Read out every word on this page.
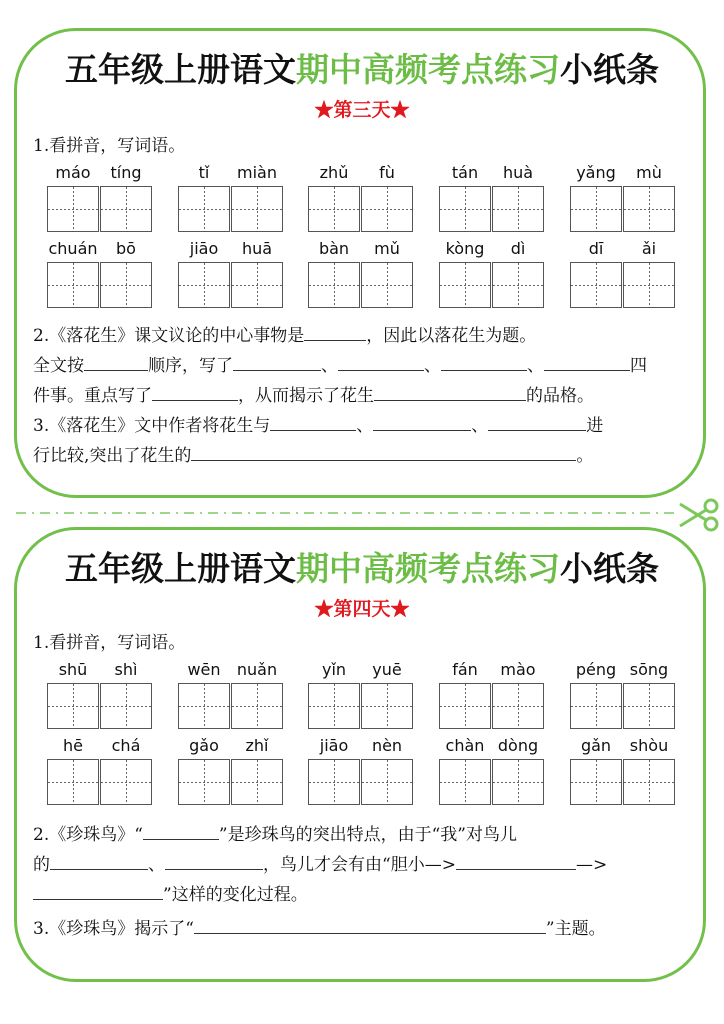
五年级上册语文期中高频考点练习小纸条
★第三天★
1.看拼音，写词语。
máo	tíng	tǐ	miàn	zhǔ	fù	tán	huà	yǎng	mù
chuán	bō	jiāo	huā	bàn	mǔ	kòng	dì	dī	ǎi
2.《落花生》课文议论的中心事物是	，因此以落花生为题。
全文按	顺序，写了	、	、	、	四
件事。重点写了	，从而揭示了花生	的品格。
3.《落花生》文中作者将花生与	、	、	进
行比较,突出了花生的	。
五年级上册语文期中高频考点练习小纸条
★第四天★
1.看拼音，写词语。
shū	shì	wēn	nuǎn	yǐn	yuē	fán	mào	péng sōng
hē	chá	gǎo	zhǐ	jiāo	nèn	chàn dòng	gǎn	shòu
2.《珍珠鸟》“	”是珍珠鸟的突出特点，由于“我”对鸟儿
的	、	，鸟儿才会有由“胆小—>	—>
”这样的变化过程。
3.《珍珠鸟》揭示了“	”主题。
